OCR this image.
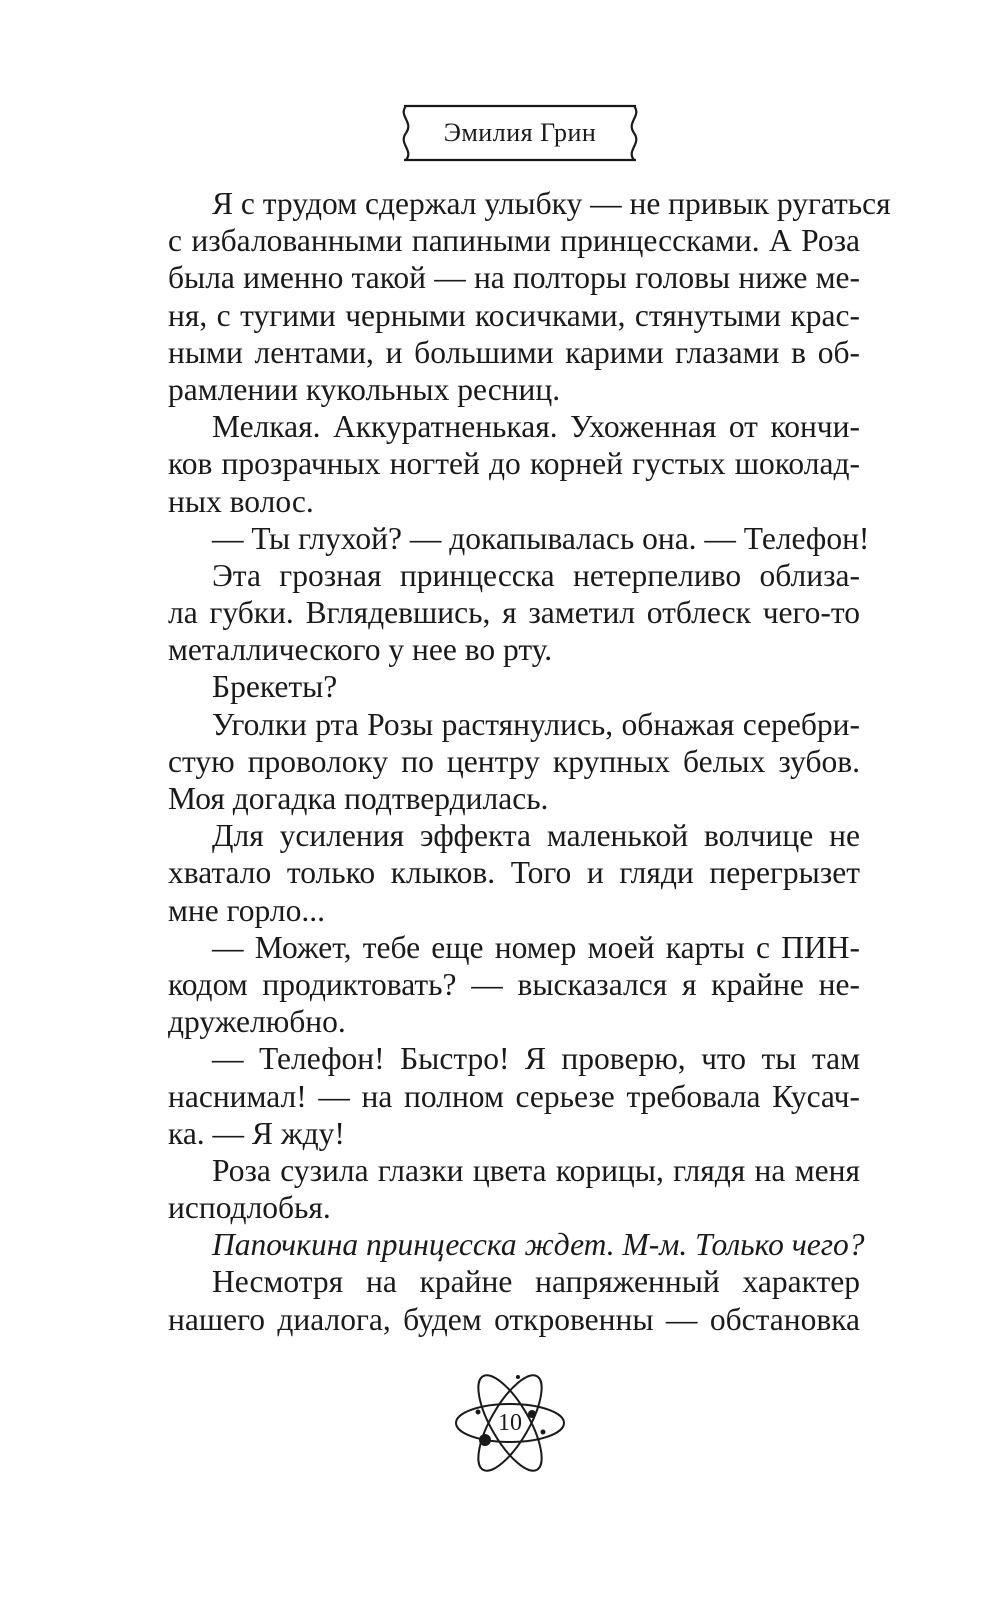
Эмилия Грин
Я с трудом сдержал улыбку — не привык ругаться
с избалованными папиными принцессками. А Роза
была именно такой — на полторы головы ниже ме-
ня, с тугими черными косичками, стянутыми крас-
ными лентами, и большими карими глазами в об-
рамлении кукольных ресниц.
Мелкая. Аккуратненькая. Ухоженная от кончи-
ков прозрачных ногтей до корней густых шоколад-
ных волос.
— Ты глухой? — докапывалась она. — Телефон!
Эта грозная принцесска нетерпеливо облиза-
ла губки. Вглядевшись, я заметил отблеск чего-то
металлического у нее во рту.
Брекеты?
Уголки рта Розы растянулись, обнажая серебри-
стую проволоку по центру крупных белых зубов.
Моя догадка подтвердилась.
Для усиления эффекта маленькой волчице не
хватало только клыков. Того и гляди перегрызет
мне горло...
— Может, тебе еще номер моей карты с ПИН-
кодом продиктовать? — высказался я крайне не-
дружелюбно.
— Телефон! Быстро! Я проверю, что ты там
наснимал! — на полном серьезе требовала Кусач-
ка. — Я жду!
Роза сузила глазки цвета корицы, глядя на меня
исподлобья.
Папочкина принцесска ждет. М-м. Только чего?
Несмотря на крайне напряженный характер
нашего диалога, будем откровенны — обстановка
10
